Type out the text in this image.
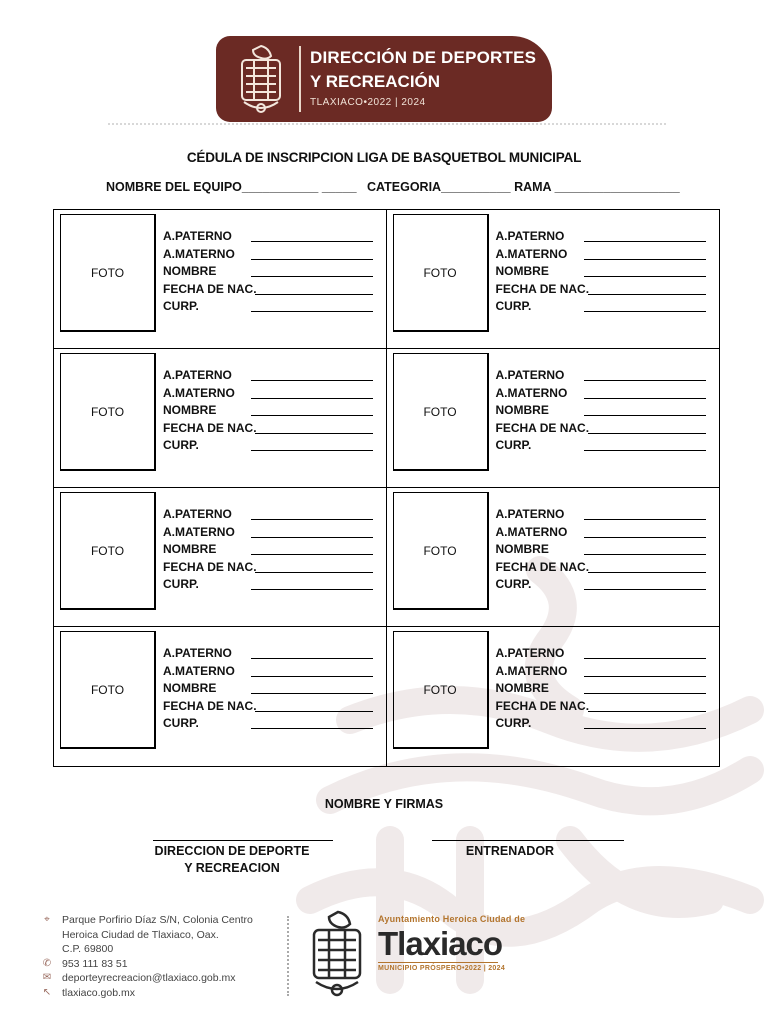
DIRECCIÓN DE DEPORTES
Y RECREACIÓN
TLAXIACO•2022 | 2024
CÉDULA DE INSCRIPCION LIGA DE BASQUETBOL MUNICIPAL
NOMBRE DEL EQUIPO___________ _____   CATEGORIA__________ RAMA __________________
FOTO
A.PATERNO
A.MATERNO
NOMBRE
FECHA DE NAC.
CURP.
FOTO
A.PATERNO
A.MATERNO
NOMBRE
FECHA DE NAC.
CURP.
FOTO
A.PATERNO
A.MATERNO
NOMBRE
FECHA DE NAC.
CURP.
FOTO
A.PATERNO
A.MATERNO
NOMBRE
FECHA DE NAC.
CURP.
FOTO
A.PATERNO
A.MATERNO
NOMBRE
FECHA DE NAC.
CURP.
FOTO
A.PATERNO
A.MATERNO
NOMBRE
FECHA DE NAC.
CURP.
FOTO
A.PATERNO
A.MATERNO
NOMBRE
FECHA DE NAC.
CURP.
FOTO
A.PATERNO
A.MATERNO
NOMBRE
FECHA DE NAC.
CURP.
NOMBRE Y FIRMAS
DIRECCION DE DEPORTE
Y RECREACION
ENTRENADOR
⌖	Parque Porfirio Díaz S/N, Colonia Centro
Heroica Ciudad de Tlaxiaco, Oax.
C.P. 69800
✆ 953 111 83 51
✉ deporteyrecreacion@tlaxiaco.gob.mx
↖ tlaxiaco.gob.mx
Ayuntamiento Heroica Ciudad de
Tlaxiaco
MUNICIPIO PRÓSPERO•2022 | 2024
